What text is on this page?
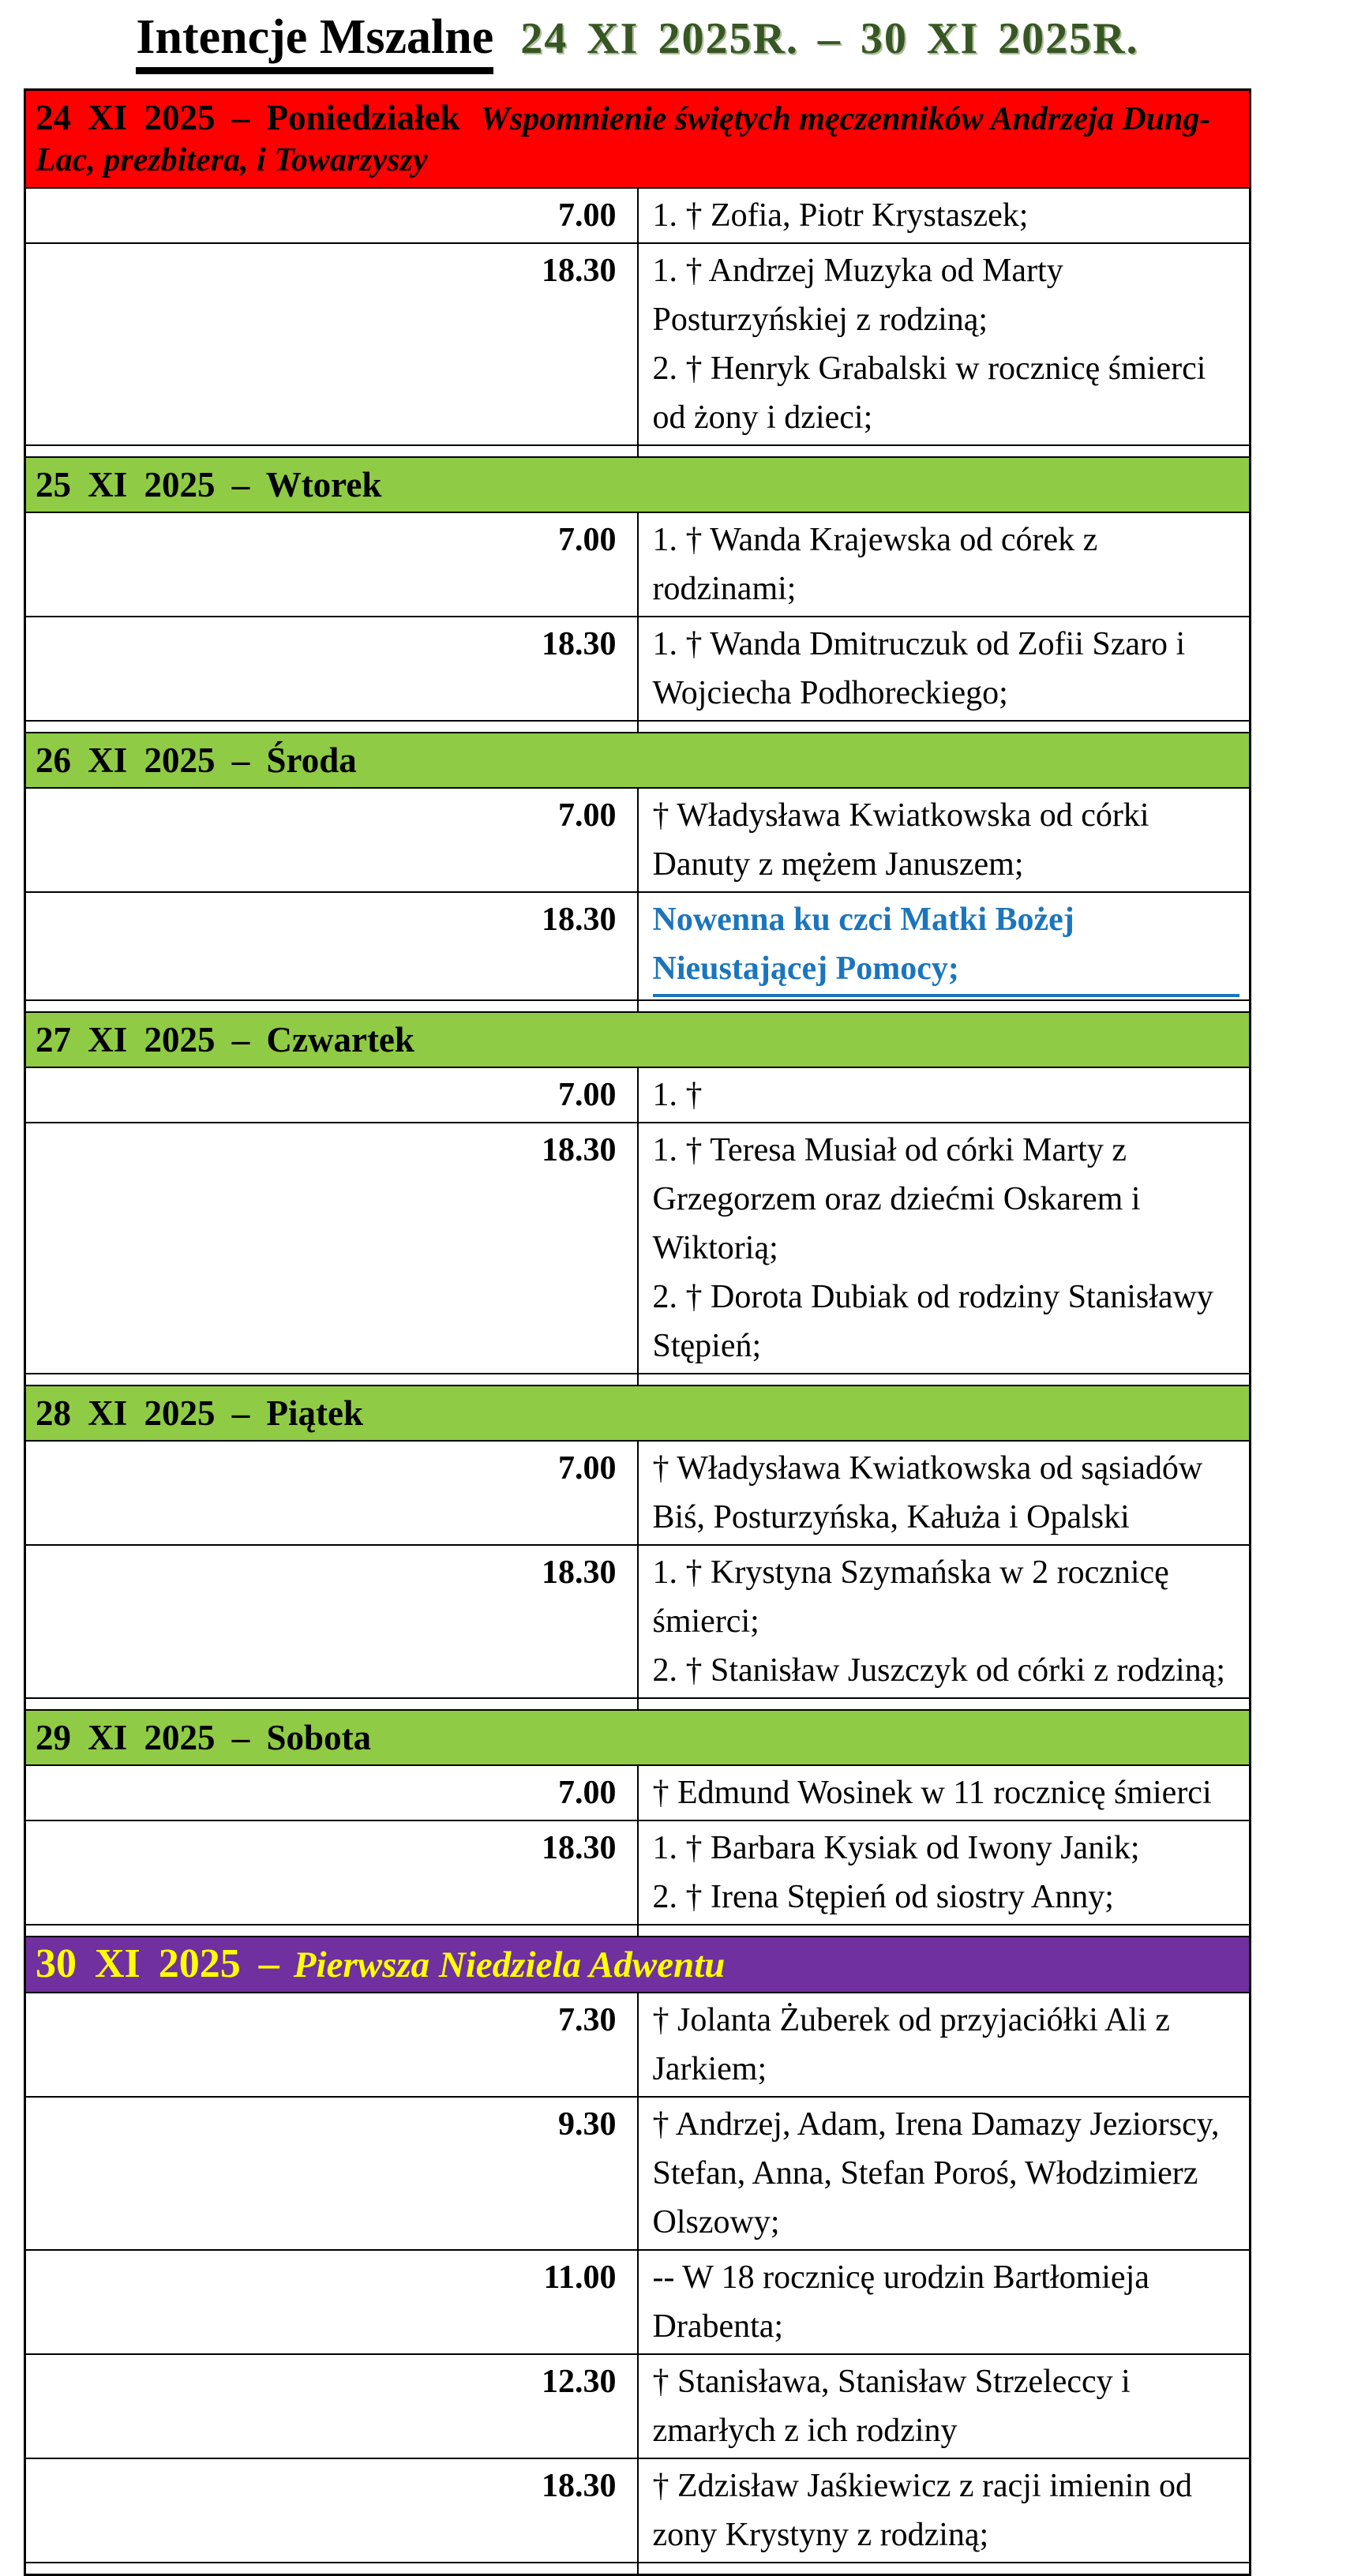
Intencje Mszalne 24 XI 2025R. – 30 XI 2025R.
24 XI 2025 – Poniedziałek Wspomnienie świętych męczenników Andrzeja Dung-Lac, prezbitera, i Towarzyszy	
7.00	1. † Zofia, Piotr Krystaszek;

18.30	1. † Andrzej Muzyka od Marty Posturzyńskiej z rodziną;
2. † Henryk Grabalski w rocznicę śmierci od żony i dzieci;

25 XI 2025 – Wtorek	
7.00	1. † Wanda Krajewska od córek z rodzinami;

18.30	1. † Wanda Dmitruczuk od Zofii Szaro i Wojciecha Podhoreckiego;

26 XI 2025 – Środa	
7.00	† Władysława Kwiatkowska od córki Danuty z mężem Januszem;

18.30	Nowenna ku czci Matki Bożej Nieustającej Pomocy;

27 XI 2025 – Czwartek	
7.00	1. †

18.30	1. † Teresa Musiał od córki Marty z Grzegorzem oraz dziećmi Oskarem i Wiktorią;
2. † Dorota Dubiak od rodziny Stanisławy Stępień;

28 XI 2025 – Piątek	
7.00	† Władysława Kwiatkowska od sąsiadów Biś, Posturzyńska, Kałuża i Opalski

18.30	1. † Krystyna Szymańska w 2 rocznicę śmierci;
2. † Stanisław Juszczyk od córki z rodziną;

29 XI 2025 – Sobota	
7.00	† Edmund Wosinek w 11 rocznicę śmierci

18.30	1. † Barbara Kysiak od Iwony Janik;
2. † Irena Stępień od siostry Anny;

30 XI 2025 – Pierwsza Niedziela Adwentu	
7.30	† Jolanta Żuberek od przyjaciółki Ali z Jarkiem;

9.30	† Andrzej, Adam, Irena Damazy Jeziorscy, Stefan, Anna, Stefan Poroś, Włodzimierz Olszowy;

11.00	-- W 18 rocznicę urodzin Bartłomieja Drabenta;

12.30	† Stanisława, Stanisław Strzeleccy i zmarłych z ich rodziny

18.30	† Zdzisław Jaśkiewicz z racji imienin od zony Krystyny z rodziną;
